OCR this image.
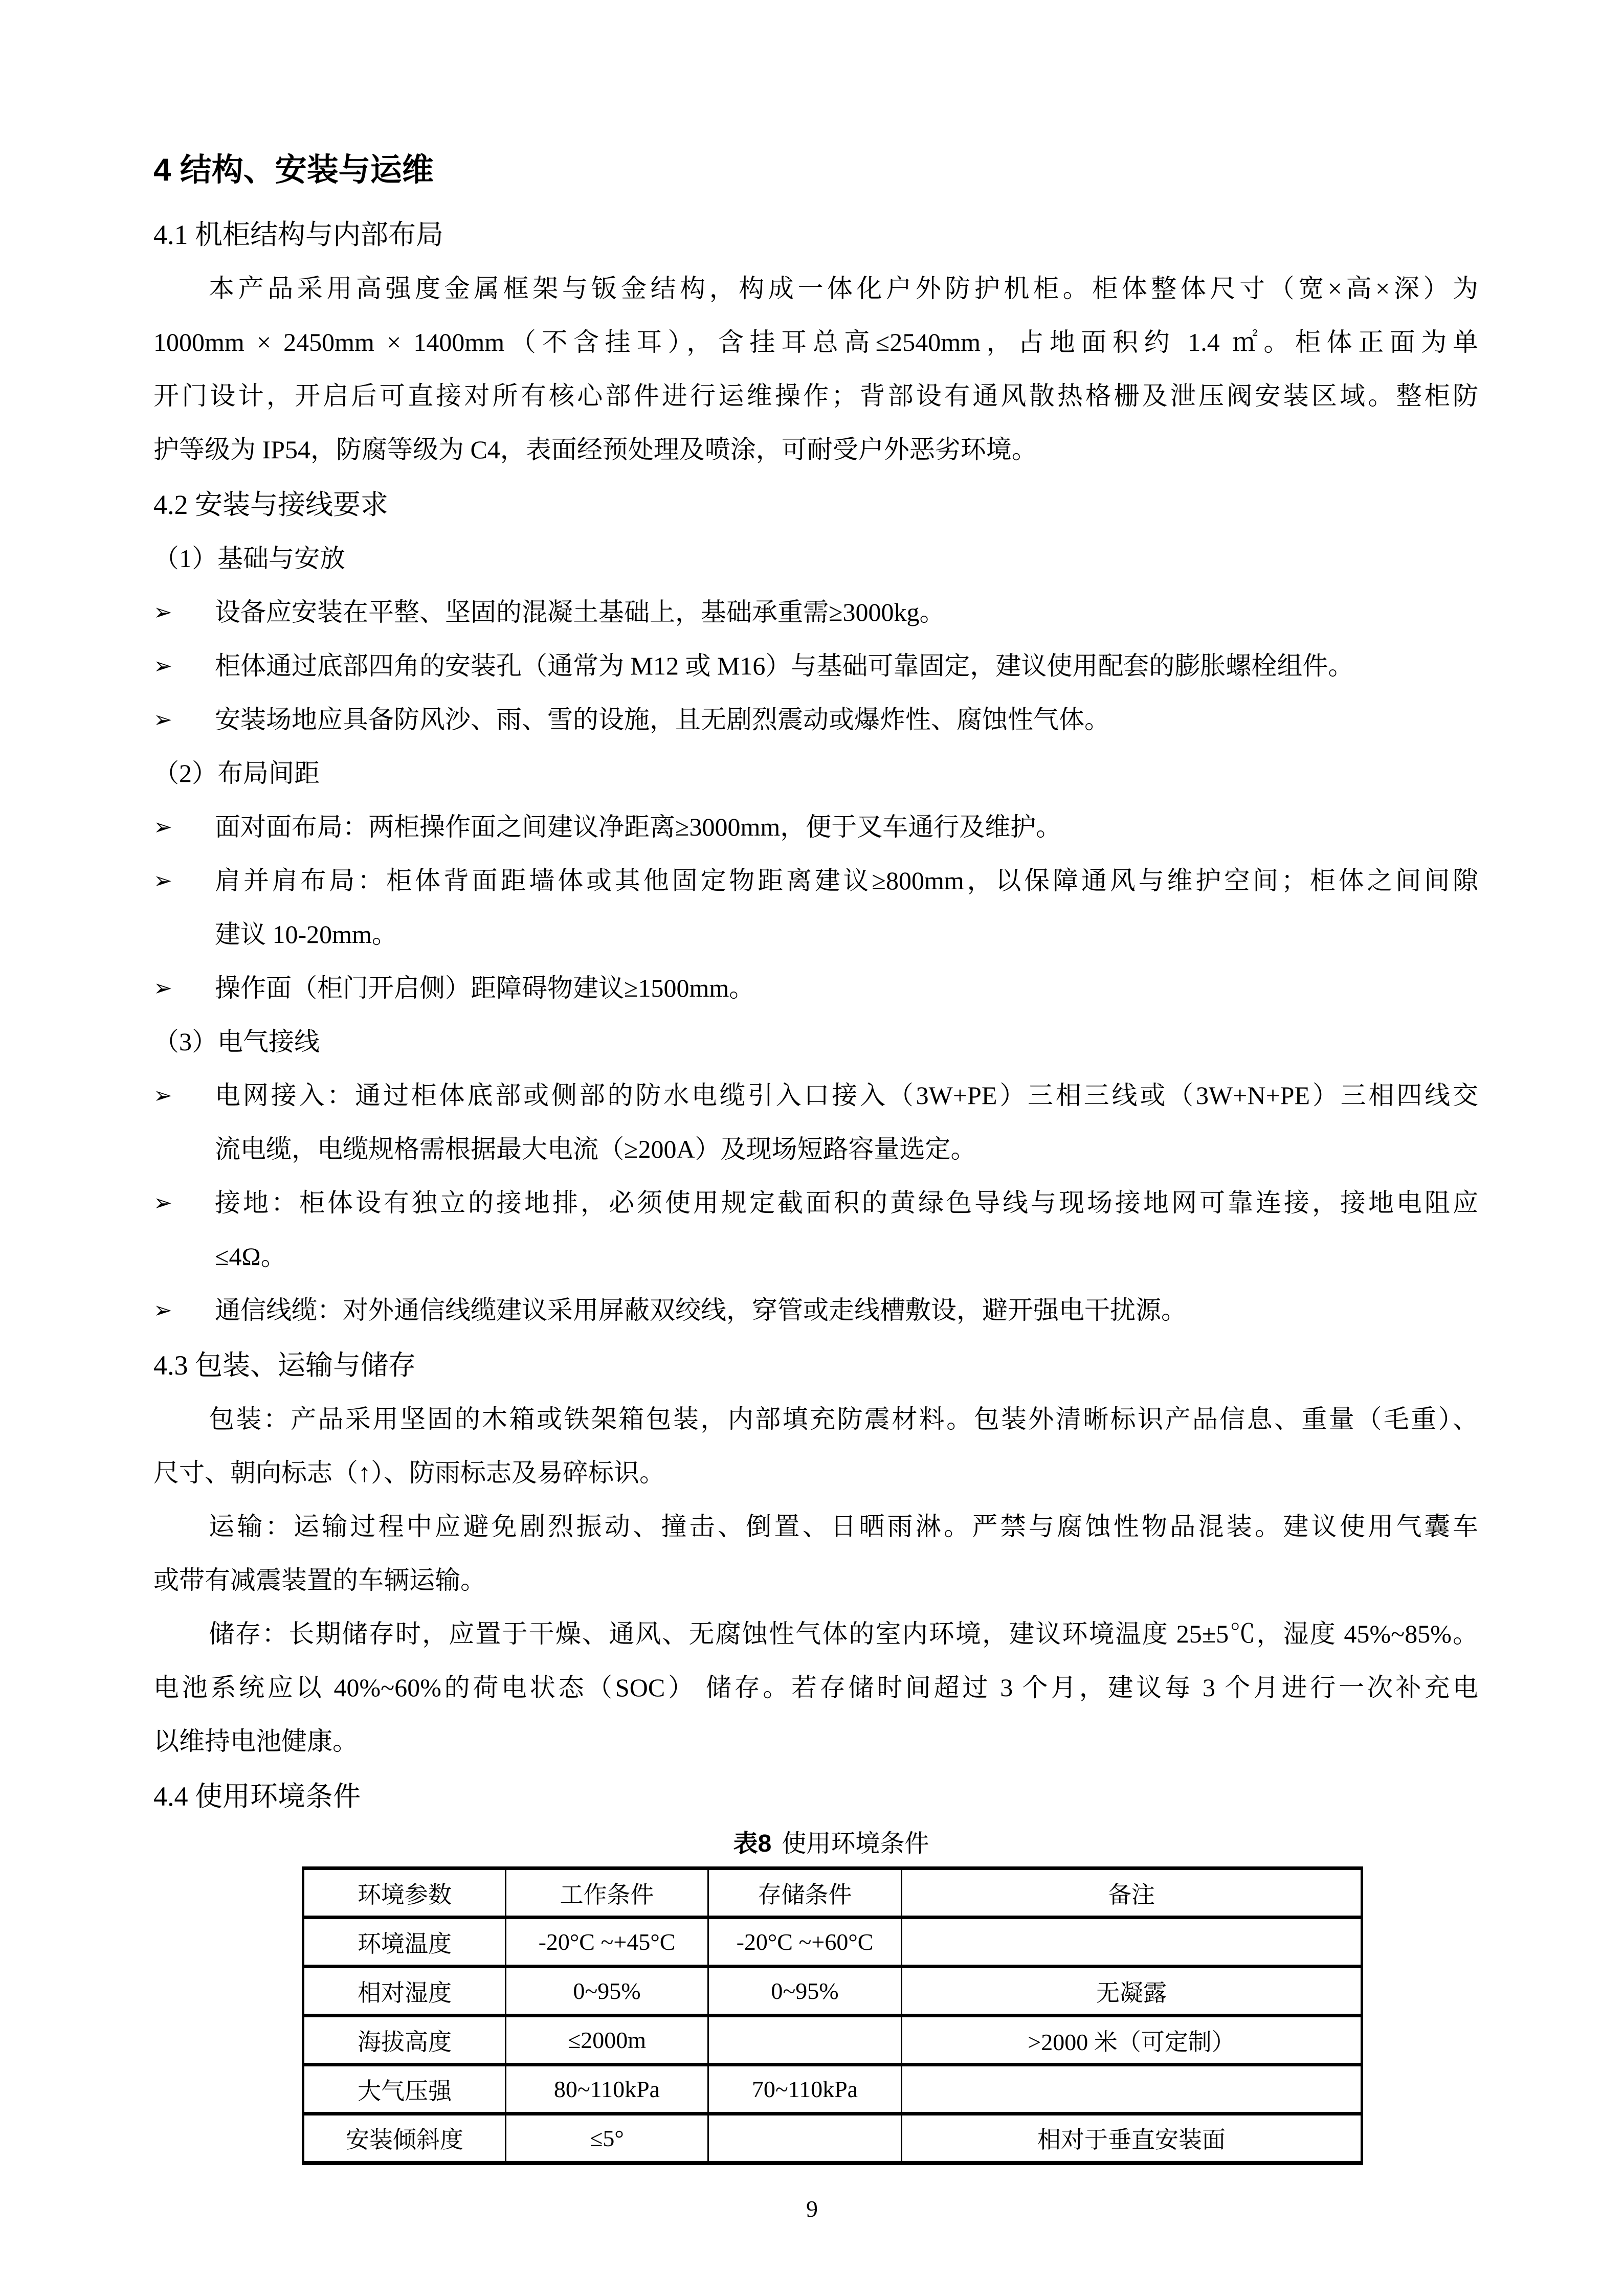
4 结构、安装与运维
4.1 机柜结构与内部布局
本产品采用高强度金属框架与钣金结构，构成一体化户外防护机柜。柜体整体尺寸（宽×高×深）为
1000mm × 2450mm × 1400mm（不含挂耳），含挂耳总高≤2540mm，占地面积约 1.4 ㎡。柜体正面为单
开门设计，开启后可直接对所有核心部件进行运维操作；背部设有通风散热格栅及泄压阀安装区域。整柜防
护等级为 IP54，防腐等级为 C4，表面经预处理及喷涂，可耐受户外恶劣环境。
4.2 安装与接线要求
（1）基础与安放
➢	设备应安装在平整、坚固的混凝土基础上，基础承重需≥3000kg。
➢	柜体通过底部四角的安装孔（通常为 M12 或 M16）与基础可靠固定，建议使用配套的膨胀螺栓组件。
➢	安装场地应具备防风沙、雨、雪的设施，且无剧烈震动或爆炸性、腐蚀性气体。
（2）布局间距
➢	面对面布局：两柜操作面之间建议净距离≥3000mm，便于叉车通行及维护。
➢	肩并肩布局：柜体背面距墙体或其他固定物距离建议≥800mm，以保障通风与维护空间；柜体之间间隙
建议 10-20mm。
➢	操作面（柜门开启侧）距障碍物建议≥1500mm。
（3）电气接线
➢	电网接入：通过柜体底部或侧部的防水电缆引入口接入（3W+PE）三相三线或（3W+N+PE）三相四线交
流电缆，电缆规格需根据最大电流（≥200A）及现场短路容量选定。
➢	接地：柜体设有独立的接地排，必须使用规定截面积的黄绿色导线与现场接地网可靠连接，接地电阻应
≤4Ω。
➢	通信线缆：对外通信线缆建议采用屏蔽双绞线，穿管或走线槽敷设，避开强电干扰源。
4.3 包装、运输与储存
包装：产品采用坚固的木箱或铁架箱包装，内部填充防震材料。包装外清晰标识产品信息、重量（毛重）、
尺寸、朝向标志（↑）、防雨标志及易碎标识。
运输：运输过程中应避免剧烈振动、撞击、倒置、日晒雨淋。严禁与腐蚀性物品混装。建议使用气囊车
或带有减震装置的车辆运输。
储存：长期储存时，应置于干燥、通风、无腐蚀性气体的室内环境，建议环境温度 25±5℃，湿度 45%~85%。
电池系统应以 40%~60%的荷电状态（SOC） 储存。若存储时间超过 3 个月，建议每 3 个月进行一次补充电
以维持电池健康。
4.4 使用环境条件
表8 使用环境条件
环境参数	工作条件	存储条件	备注
环境温度	-20°C ~+45°C	-20°C ~+60°C	
相对湿度	0~95%	0~95%	无凝露
海拔高度	≤2000m		>2000 米（可定制）
大气压强	80~110kPa	70~110kPa	
安装倾斜度	≤5°		相对于垂直安装面
9
